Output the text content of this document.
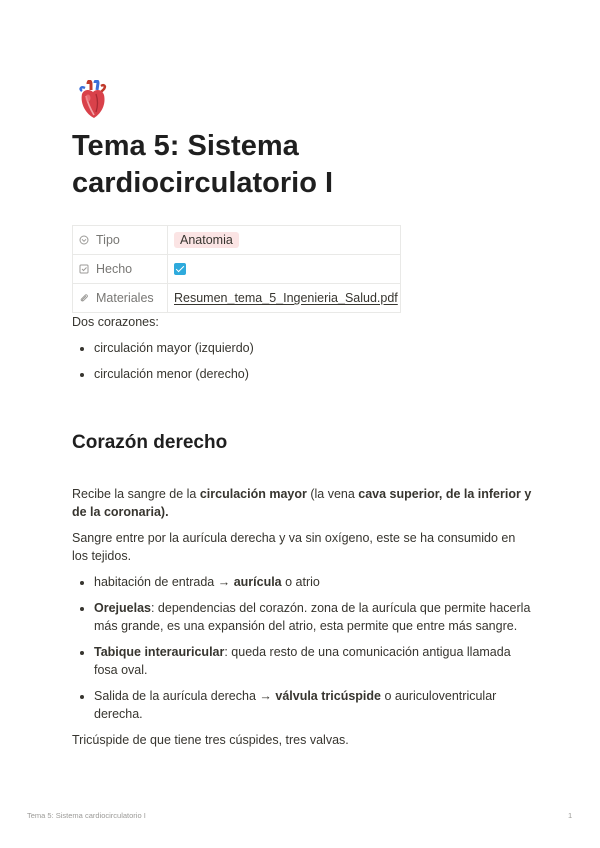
Tema 5: Sistema cardiocirculatorio I
Tipo	Anatomia
Hecho	
Materiales	Resumen_tema_5_Ingenieria_Salud.pdf

Dos corazones:

• circulación mayor (izquierdo)
• circulación menor (derecho)
Corazón derecho

Recibe la sangre de la circulación mayor (la vena cava superior, de la inferior y de la coronaria).

Sangre entre por la aurícula derecha y va sin oxígeno, este se ha consumido en los tejidos.

• habitación de entrada → aurícula o atrio
• Orejuelas: dependencias del corazón. zona de la aurícula que permite hacerla más grande, es una expansión del atrio, esta permite que entre más sangre.
• Tabique interauricular: queda resto de una comunicación antigua llamada fosa oval.
• Salida de la aurícula derecha → válvula tricúspide o auriculoventricular derecha.

Tricúspide de que tiene tres cúspides, tres valvas.

Tema 5: Sistema cardiocirculatorio I	1
